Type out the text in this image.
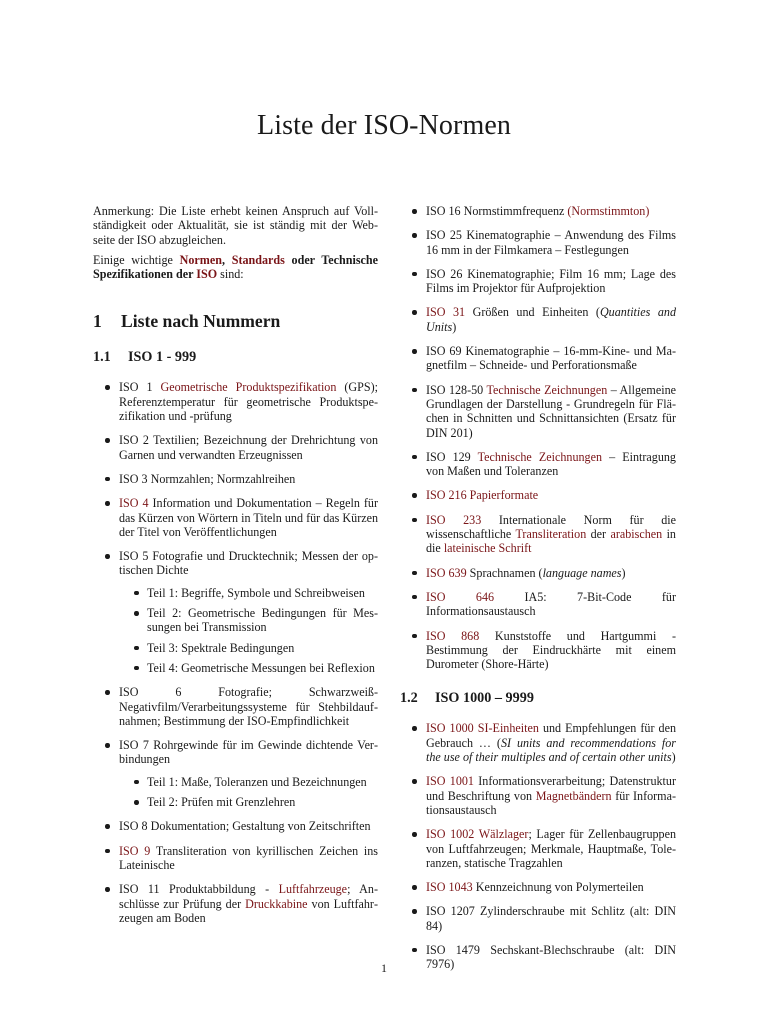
Liste der ISO-Normen

Anmerkung: Die Liste erhebt keinen Anspruch auf Voll-
ständigkeit oder Aktualität, sie ist ständig mit der Web-
seite der ISO abzugleichen.

Einige wichtige Normen, Standards oder Technische Spezifikationen der ISO sind:

1 Liste nach Nummern
1.1 ISO 1 - 999
ISO 1 Geometrische Produktspezifikation (GPS); Referenztemperatur für geometrische Produktspezifikation und -prüfung
ISO 2 Textilien; Bezeichnung der Drehrichtung von Garnen und verwandten Erzeugnissen
ISO 3 Normzahlen; Normzahlreihen
ISO 4 Information und Dokumentation – Regeln für das Kürzen von Wörtern in Titeln und für das Kürzen der Titel von Veröffentlichungen
ISO 5 Fotografie und Drucktechnik; Messen der optischen Dichte
Teil 1: Begriffe, Symbole und Schreibweisen
Teil 2: Geometrische Bedingungen für Messungen bei Transmission
Teil 3: Spektrale Bedingungen
Teil 4: Geometrische Messungen bei Reflexion
ISO 6 Fotografie; Schwarzweiß-
Negativfilm/Verarbeitungssysteme für Stehbildaufnahmen; Bestimmung der ISO-Empfindlichkeit
ISO 7 Rohrgewinde für im Gewinde dichtende Verbindungen
Teil 1: Maße, Toleranzen und Bezeichnungen
Teil 2: Prüfen mit Grenzlehren
ISO 8 Dokumentation; Gestaltung von Zeitschriften
ISO 9 Transliteration von kyrillischen Zeichen ins Lateinische
ISO 11 Produktabbildung - Luftfahrzeuge; Anschlüsse zur Prüfung der Druckkabine von Luftfahrzeugen am Boden
ISO 16 Normstimmfrequenz (Normstimmton)
ISO 25 Kinematographie – Anwendung des Films 16 mm in der Filmkamera – Festlegungen
ISO 26 Kinematographie; Film 16 mm; Lage des Films im Projektor für Aufprojektion
ISO 31 Größen und Einheiten (Quantities and Units)
ISO 69 Kinematographie – 16-mm-Kine- und Magnetfilm – Schneide- und Perforationsmaße
ISO 128-50 Technische Zeichnungen – Allgemeine Grundlagen der Darstellung - Grundregeln für Flächen in Schnitten und Schnittansichten (Ersatz für DIN 201)
ISO 129 Technische Zeichnungen – Eintragung von Maßen und Toleranzen
ISO 216 Papierformate
ISO 233 Internationale Norm für die wissenschaftliche Transliteration der arabischen in die lateinische Schrift
ISO 639 Sprachnamen (language names)
ISO 646 IA5: 7-Bit-Code für Informationsaustausch
ISO 868 Kunststoffe und Hartgummi - Bestimmung der Eindruckhärte mit einem Durometer (Shore-Härte)
1.2 ISO 1000 – 9999
ISO 1000 SI-Einheiten und Empfehlungen für den Gebrauch … (SI units and recommendations for the use of their multiples and of certain other units)
ISO 1001 Informationsverarbeitung; Datenstruktur und Beschriftung von Magnetbändern für Informationsaustausch
ISO 1002 Wälzlager; Lager für Zellenbaugruppen von Luftfahrzeugen; Merkmale, Hauptmaße, Toleranzen, statische Tragzahlen
ISO 1043 Kennzeichnung von Polymerteilen
ISO 1207 Zylinderschraube mit Schlitz (alt: DIN 84)
ISO 1479 Sechskant-Blechschraube (alt: DIN 7976)
1
